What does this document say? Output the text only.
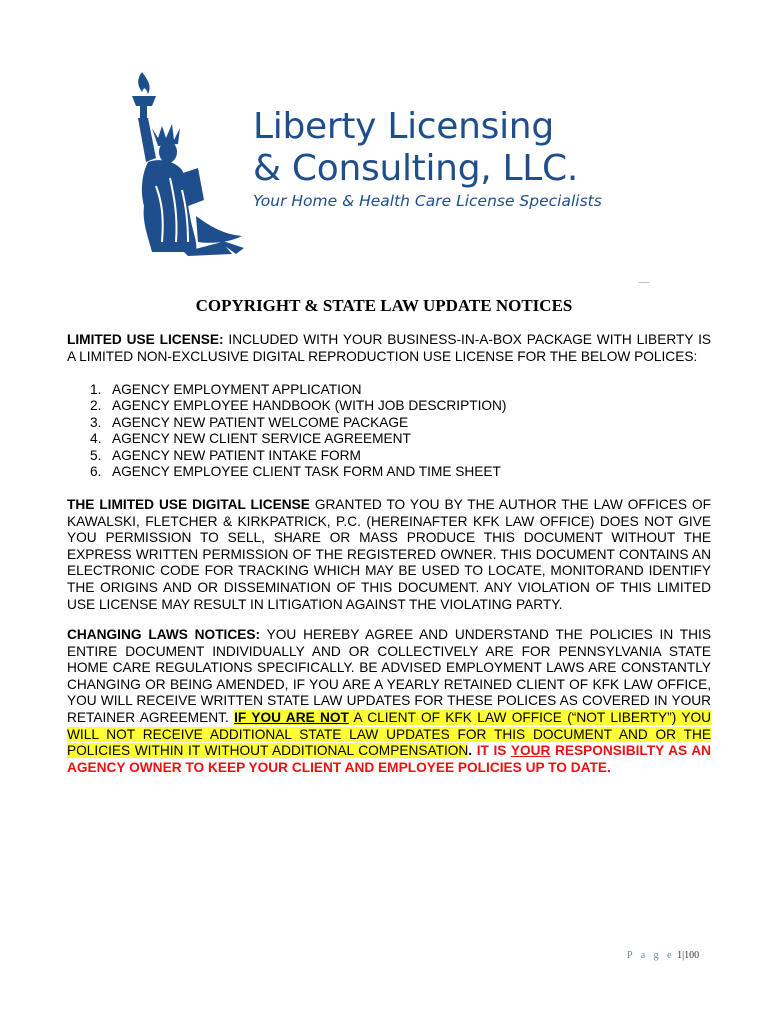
Liberty Licensing
& Consulting, LLC.
Your Home & Health Care License Specialists
COPYRIGHT & STATE LAW UPDATE NOTICES
LIMITED USE LICENSE: INCLUDED WITH YOUR BUSINESS-IN-A-BOX PACKAGE WITH LIBERTY IS A LIMITED NON-EXCLUSIVE DIGITAL REPRODUCTION USE LICENSE FOR THE BELOW POLICES:
1. AGENCY EMPLOYMENT APPLICATION
2. AGENCY EMPLOYEE HANDBOOK (WITH JOB DESCRIPTION)
3. AGENCY NEW PATIENT WELCOME PACKAGE
4. AGENCY NEW CLIENT SERVICE AGREEMENT
5. AGENCY NEW PATIENT INTAKE FORM
6. AGENCY EMPLOYEE CLIENT TASK FORM AND TIME SHEET
THE LIMITED USE DIGITAL LICENSE GRANTED TO YOU BY THE AUTHOR THE LAW OFFICES OF KAWALSKI, FLETCHER & KIRKPATRICK, P.C. (HEREINAFTER KFK LAW OFFICE) DOES NOT GIVE YOU PERMISSION TO SELL, SHARE OR MASS PRODUCE THIS DOCUMENT WITHOUT THE EXPRESS WRITTEN PERMISSION OF THE REGISTERED OWNER. THIS DOCUMENT CONTAINS AN ELECTRONIC CODE FOR TRACKING WHICH MAY BE USED TO LOCATE, MONITORAND IDENTIFY THE ORIGINS AND OR DISSEMINATION OF THIS DOCUMENT. ANY VIOLATION OF THIS LIMITED USE LICENSE MAY RESULT IN LITIGATION AGAINST THE VIOLATING PARTY.
CHANGING LAWS NOTICES: YOU HEREBY AGREE AND UNDERSTAND THE POLICIES IN THIS ENTIRE DOCUMENT INDIVIDUALLY AND OR COLLECTIVELY ARE FOR PENNSYLVANIA STATE HOME CARE REGULATIONS SPECIFICALLY. BE ADVISED EMPLOYMENT LAWS ARE CONSTANTLY CHANGING OR BEING AMENDED, IF YOU ARE A YEARLY RETAINED CLIENT OF KFK LAW OFFICE, YOU WILL RECEIVE WRITTEN STATE LAW UPDATES FOR THESE POLICES AS COVERED IN YOUR RETAINER AGREEMENT. IF YOU ARE NOT A CLIENT OF KFK LAW OFFICE (“NOT LIBERTY”) YOU WILL NOT RECEIVE ADDITIONAL STATE LAW UPDATES FOR THIS DOCUMENT AND OR THE POLICIES WITHIN IT WITHOUT ADDITIONAL COMPENSATION. IT IS YOUR RESPONSIBILTY AS AN AGENCY OWNER TO KEEP YOUR CLIENT AND EMPLOYEE POLICIES UP TO DATE.
P a g e 1|100
